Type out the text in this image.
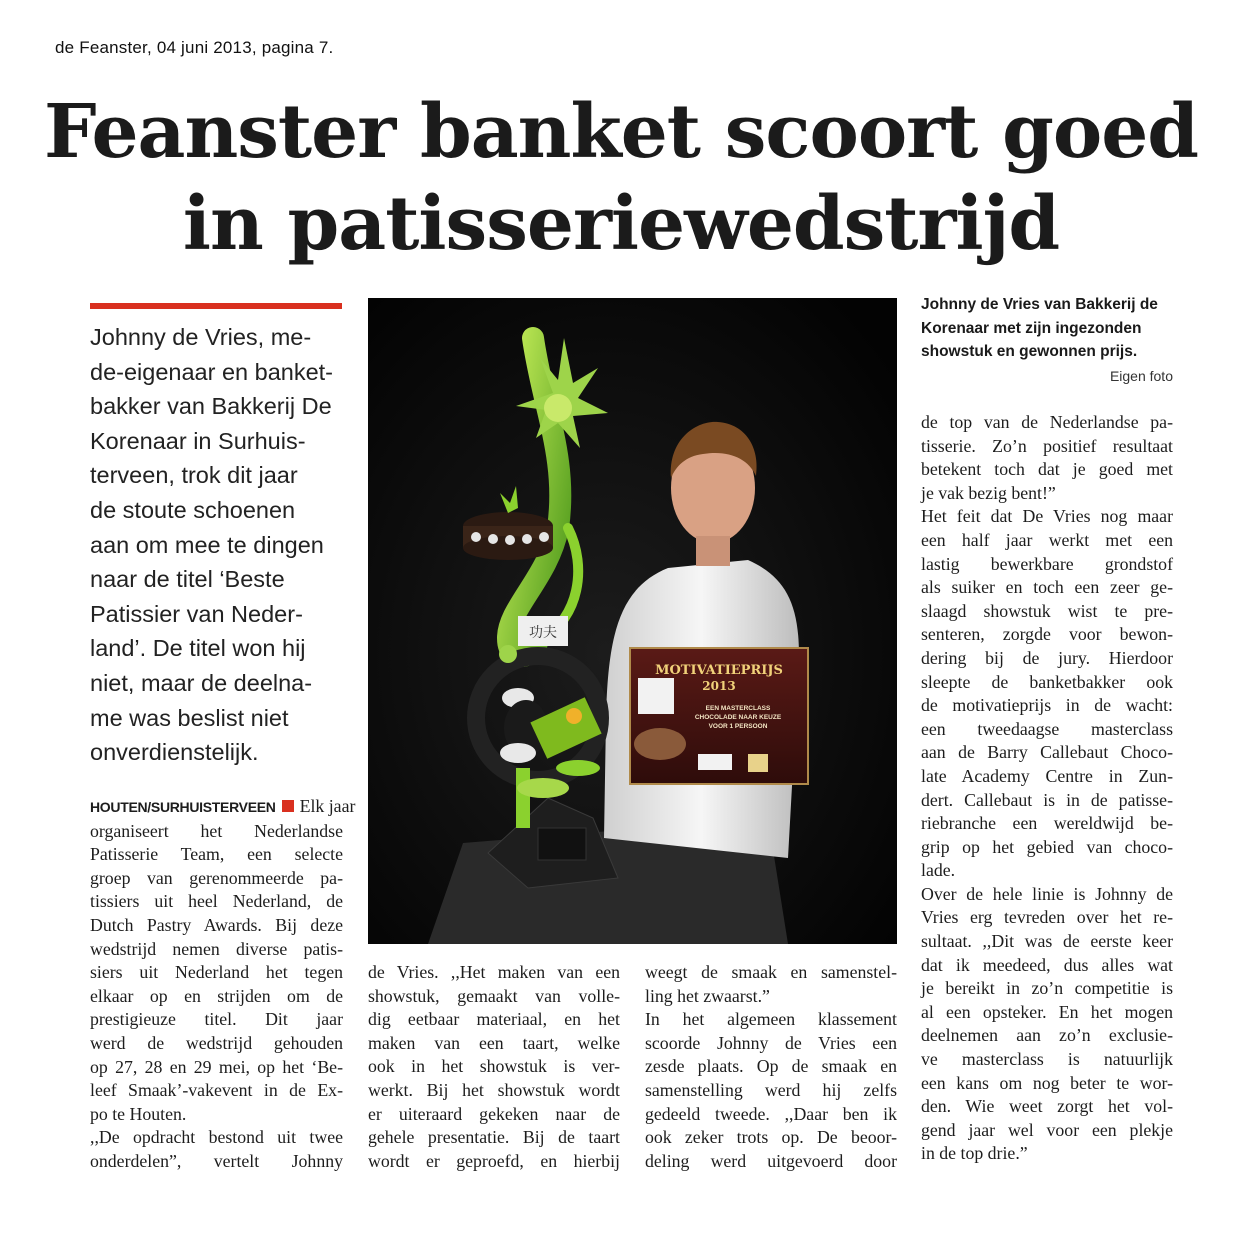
de Feanster, 04 juni 2013, pagina 7.
Feanster banket scoort goed
in patisseriewedstrijd
Johnny de Vries, me-
de-eigenaar en banket-
bakker van Bakkerij De
Korenaar in Surhuis-
terveen, trok dit jaar
de stoute schoenen
aan om mee te dingen
naar de titel ‘Beste
Patissier van Neder-
land’. De titel won hij
niet, maar de deelna-
me was beslist niet
onverdienstelijk.
HOUTEN/SURHUISTERVEEN Elk jaar
organiseert het Nederlandse
Patisserie Team, een selecte
groep van gerenommeerde pa-
tissiers uit heel Nederland, de
Dutch Pastry Awards. Bij deze
wedstrijd nemen diverse patis-
siers uit Nederland het tegen
elkaar op en strijden om de
prestigieuze titel. Dit jaar
werd de wedstrijd gehouden
op 27, 28 en 29 mei, op het ‘Be-
leef Smaak’-vakevent in de Ex-
po te Houten.
,,De opdracht bestond uit twee
onderdelen”, vertelt Johnny
MOTIVATIEPRIJS
2013
EEN MASTERCLASS
CHOCOLADE NAAR KEUZE
VOOR 1 PERSOON
功夫
de Vries. ,,Het maken van een
showstuk, gemaakt van volle-
dig eetbaar materiaal, en het
maken van een taart, welke
ook in het showstuk is ver-
werkt. Bij het showstuk wordt
er uiteraard gekeken naar de
gehele presentatie. Bij de taart
wordt er geproefd, en hierbij
weegt de smaak en samenstel-
ling het zwaarst.”
In het algemeen klassement
scoorde Johnny de Vries een
zesde plaats. Op de smaak en
samenstelling werd hij zelfs
gedeeld tweede. ,,Daar ben ik
ook zeker trots op. De beoor-
deling werd uitgevoerd door
Johnny de Vries van Bakkerij de
Korenaar met zijn ingezonden
showstuk en gewonnen prijs.
Eigen foto
de top van de Nederlandse pa-
tisserie. Zo’n positief resultaat
betekent toch dat je goed met
je vak bezig bent!”
Het feit dat De Vries nog maar
een half jaar werkt met een
lastig bewerkbare grondstof
als suiker en toch een zeer ge-
slaagd showstuk wist te pre-
senteren, zorgde voor bewon-
dering bij de jury. Hierdoor
sleepte de banketbakker ook
de motivatieprijs in de wacht:
een tweedaagse masterclass
aan de Barry Callebaut Choco-
late Academy Centre in Zun-
dert. Callebaut is in de patisse-
riebranche een wereldwijd be-
grip op het gebied van choco-
lade.
Over de hele linie is Johnny de
Vries erg tevreden over het re-
sultaat. ,,Dit was de eerste keer
dat ik meedeed, dus alles wat
je bereikt in zo’n competitie is
al een opsteker. En het mogen
deelnemen aan zo’n exclusie-
ve masterclass is natuurlijk
een kans om nog beter te wor-
den. Wie weet zorgt het vol-
gend jaar wel voor een plekje
in de top drie.”
